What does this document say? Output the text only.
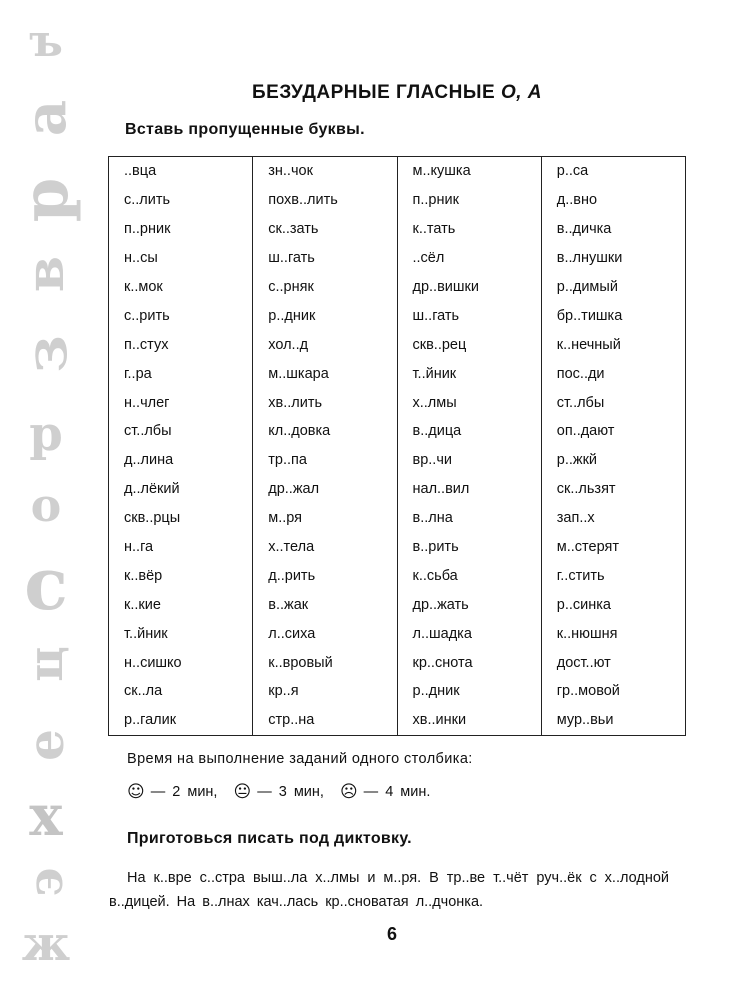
ъ
а
р
в
з
р
о
с
ц
е
х
э
ж
БЕЗУДАРНЫЕ ГЛАСНЫЕ О, А
Вставь пропущенные буквы.
..вца	зн..чок	м..кушка	р..са
с..лить	похв..лить	п..рник	д..вно
п..рник	ск..зать	к..тать	в..дичка
н..сы	ш..гать	..сёл	в..лнушки
к..мок	с..рняк	др..вишки	р..димый
с..рить	р..дник	ш..гать	бр..тишка
п..стух	хол..д	скв..рец	к..нечный
г..ра	м..шкара	т..йник	пос..ди
н..члег	хв..лить	х..лмы	ст..лбы
ст..лбы	кл..довка	в..дица	оп..дают
д..лина	тр..па	вр..чи	р..жкй
д..лёкий	др..жал	нал..вил	ск..льзят
скв..рцы	м..ря	в..лна	зап..х
н..га	х..тела	в..рить	м..стерят
к..вёр	д..рить	к..сьба	г..стить
к..кие	в..жак	др..жать	р..синка
т..йник	л..сиха	л..шадка	к..нюшня
н..сишко	к..вровый	кр..снота	дост..ют
ск..ла	кр..я	р..дник	гр..мовой
р..галик	стр..на	хв..инки	мур..вьи
Время на выполнение заданий одного столбика:
☺ — 2 мин, 😐 — 3 мин, ☹ — 4 мин.
Приготовься писать под диктовку.
На к..вре с..стра выш..ла х..лмы и м..ря. В тр..ве т..чёт руч..ёк с х..лодной в..дицей. На в..лнах кач..лась кр..сноватая л..дчонка.
6
